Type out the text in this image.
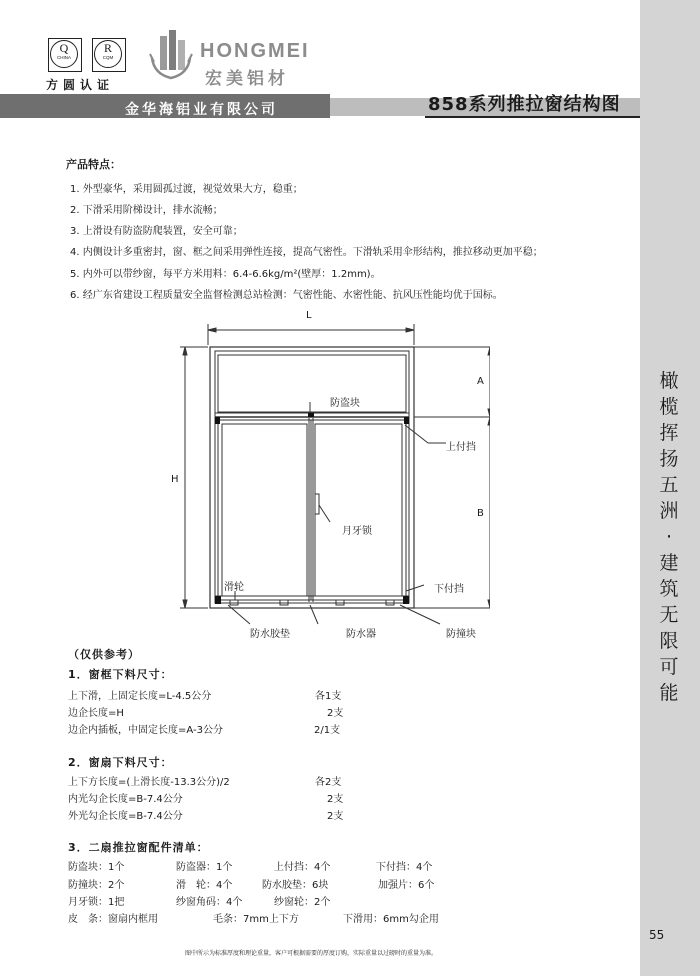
Q
CHINA
R
CQM
方圆认证
HONGMEI
宏美铝材
金华海铝业有限公司	858系列推拉窗结构图
橄
榄
挥
扬
五
洲
·
建
筑
无
限
可
能
55
产品特点：
1. 外型豪华，采用圆孤过渡，视觉效果大方，稳重；
2. 下滑采用阶梯设计，排水流畅；
3. 上滑设有防盗防爬装置，安全可靠；
4. 内侧设计多重密封，窗、框之间采用弹性连接，提高气密性。下滑轨采用伞形结构，推拉移动更加平稳；
5. 内外可以带纱窗，每平方米用料：6.4-6.6kg/m²(壁厚：1.2mm)。
6. 经广东省建设工程质量安全监督检测总站检测：气密性能、水密性能、抗风压性能均优于国标。
L
H
A
B
防盗块
上付挡
月牙锁
滑轮	下付挡
防水胶垫	防水器	防撞块
（仅供参考）
1．窗框下料尺寸：
上下滑，上固定长度=L-4.5公分	各1支
边企长度=H	2支
边企内插板，中固定长度=A-3公分	2/1支
2．窗扇下料尺寸：
上下方长度=(上滑长度-13.3公分)/2	各2支
内光勾企长度=B-7.4公分	2支
外光勾企长度=B-7.4公分	2支
3．二扇推拉窗配件清单：
防盗块：1个	防盗器：1个	上付挡：4个	下付挡：4个
防撞块：2个	滑　轮：4个	防水胶垫：6块	加强片：6个
月牙锁：1把	纱窗角码：4个	纱窗轮：2个
皮　条：窗扇内框用	毛条：7mm上下方	下滑用：6mm勾企用
图中所示为标准厚度和理论重量，客户可根据需要的厚度订购，实际重量以过磅时的重量为准。
